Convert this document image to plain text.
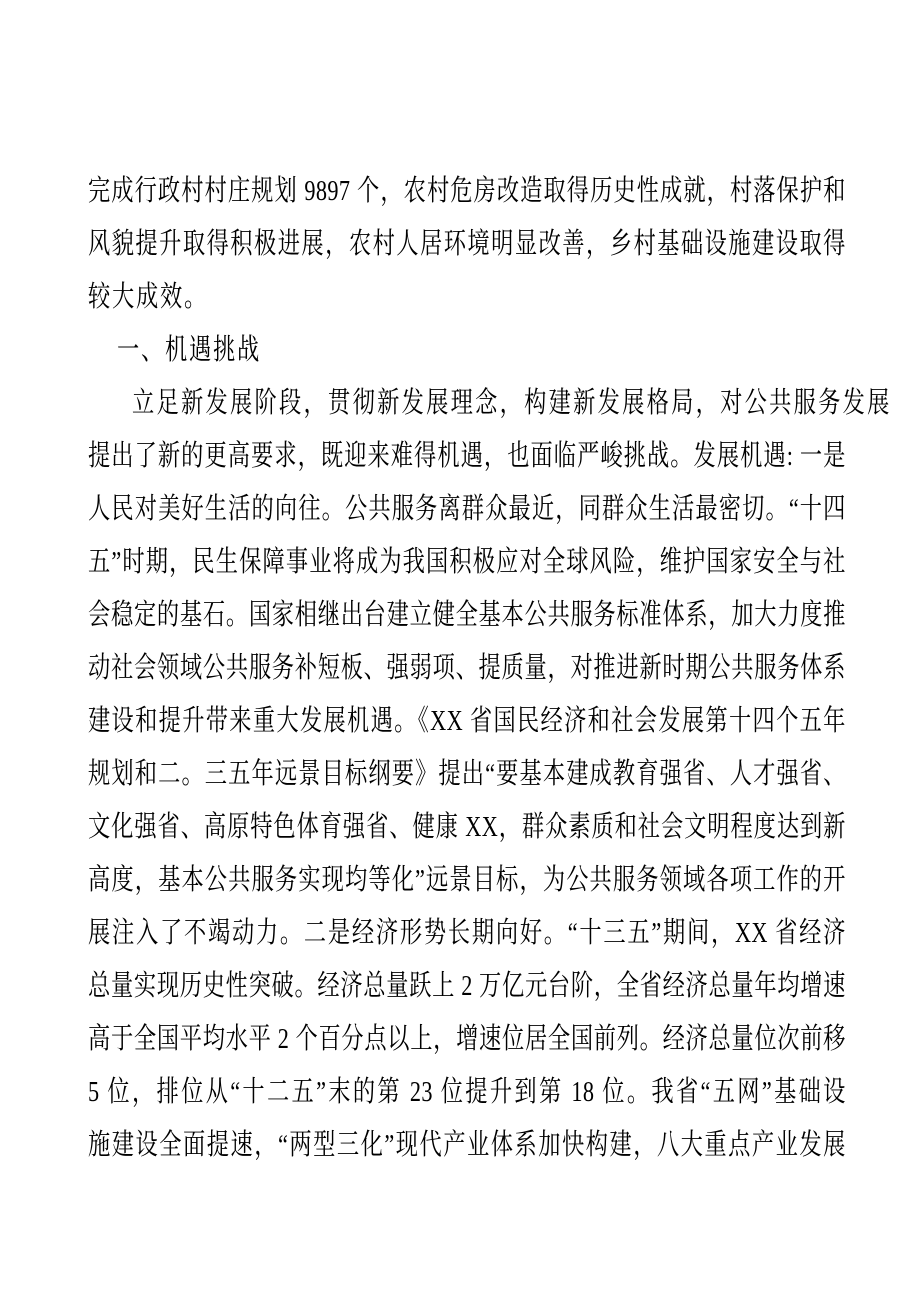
完成行政村村庄规划 9897 个，农村危房改造取得历史性成就，村落保护和
风貌提升取得积极进展，农村人居环境明显改善，乡村基础设施建设取得
较大成效。
一、机遇挑战
立足新发展阶段，贯彻新发展理念，构建新发展格局，对公共服务发展
提出了新的更高要求，既迎来难得机遇，也面临严峻挑战。发展机遇: 一是
人民对美好生活的向往。公共服务离群众最近，同群众生活最密切。“十四
五”时期，民生保障事业将成为我国积极应对全球风险，维护国家安全与社
会稳定的基石。国家相继出台建立健全基本公共服务标准体系，加大力度推
动社会领域公共服务补短板、强弱项、提质量，对推进新时期公共服务体系
建设和提升带来重大发展机遇。《XX 省国民经济和社会发展第十四个五年
规划和二。三五年远景目标纲要》提出“要基本建成教育强省、人才强省、
文化强省、高原特色体育强省、健康 XX，群众素质和社会文明程度达到新
高度，基本公共服务实现均等化”远景目标，为公共服务领域各项工作的开
展注入了不竭动力。二是经济形势长期向好。“十三五”期间，XX 省经济
总量实现历史性突破。经济总量跃上 2 万亿元台阶，全省经济总量年均增速
高于全国平均水平 2 个百分点以上，增速位居全国前列。经济总量位次前移
5 位，排位从“十二五”末的第 23 位提升到第 18 位。我省“五网”基础设
施建设全面提速，“两型三化”现代产业体系加快构建，八大重点产业发展
